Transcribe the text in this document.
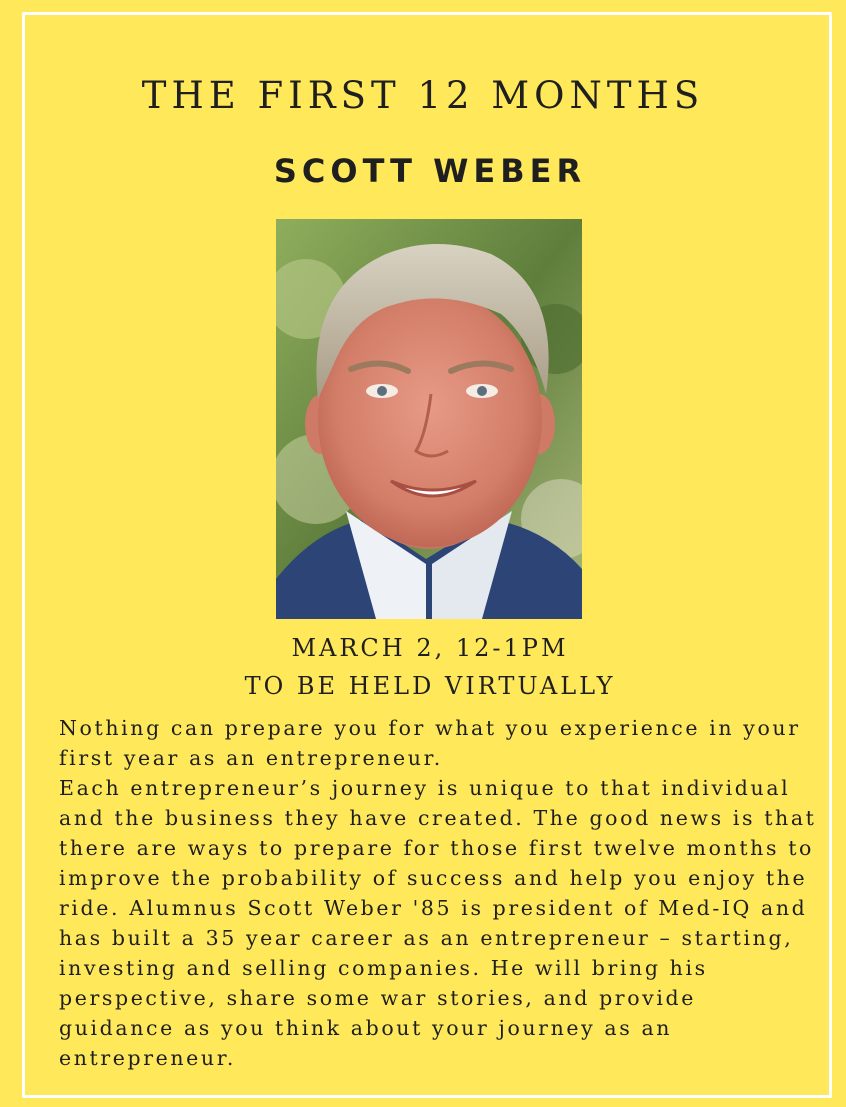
THE FIRST 12 MONTHS
SCOTT WEBER
MARCH 2, 12-1PM
TO BE HELD VIRTUALLY

Nothing can prepare you for what you experience in your first year as an entrepreneur.

Each entrepreneur’s journey is unique to that individual and the business they have created. The good news is that there are ways to prepare for those first twelve months to improve the probability of success and help you enjoy the ride. Alumnus Scott Weber '85 is president of Med-IQ and has built a 35 year career as an entrepreneur – starting, investing and selling companies. He will bring his perspective, share some war stories, and provide guidance as you think about your journey as an entrepreneur.
